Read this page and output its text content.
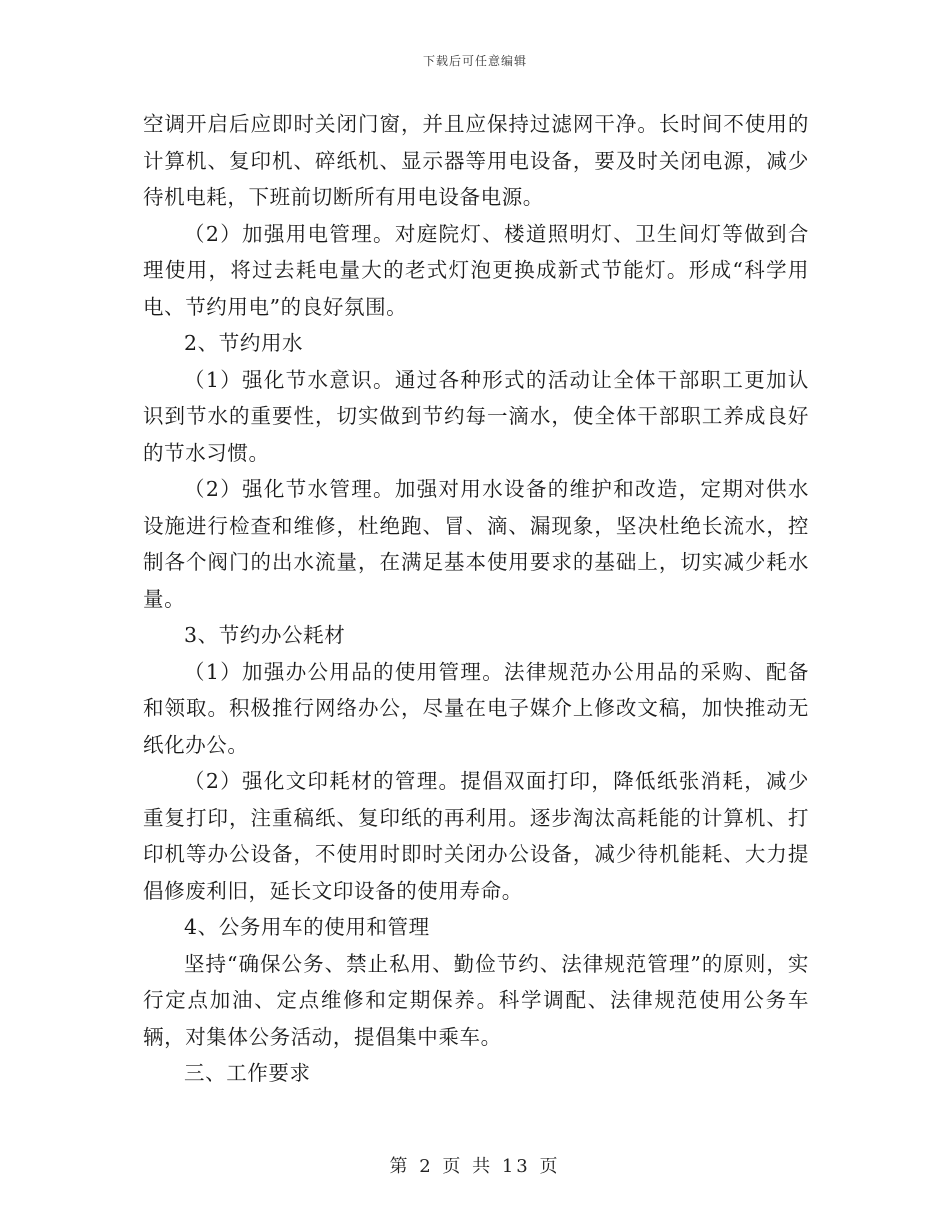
下载后可任意编辑

空调开启后应即时关闭门窗，并且应保持过滤网干净。长时间不使用的计算机、复印机、碎纸机、显示器等用电设备，要及时关闭电源，减少待机电耗，下班前切断所有用电设备电源。

（2）加强用电管理。对庭院灯、楼道照明灯、卫生间灯等做到合理使用，将过去耗电量大的老式灯泡更换成新式节能灯。形成“科学用电、节约用电”的良好氛围。

2、节约用水

（1）强化节水意识。通过各种形式的活动让全体干部职工更加认识到节水的重要性，切实做到节约每一滴水，使全体干部职工养成良好的节水习惯。

（2）强化节水管理。加强对用水设备的维护和改造，定期对供水设施进行检查和维修，杜绝跑、冒、滴、漏现象，坚决杜绝长流水，控制各个阀门的出水流量，在满足基本使用要求的基础上，切实减少耗水量。

3、节约办公耗材

（1）加强办公用品的使用管理。法律规范办公用品的采购、配备和领取。积极推行网络办公，尽量在电子媒介上修改文稿，加快推动无纸化办公。

（2）强化文印耗材的管理。提倡双面打印，降低纸张消耗，减少重复打印，注重稿纸、复印纸的再利用。逐步淘汰高耗能的计算机、打印机等办公设备，不使用时即时关闭办公设备，减少待机能耗、大力提倡修废利旧，延长文印设备的使用寿命。

4、公务用车的使用和管理

坚持“确保公务、禁止私用、勤俭节约、法律规范管理”的原则，实行定点加油、定点维修和定期保养。科学调配、法律规范使用公务车辆，对集体公务活动，提倡集中乘车。

三、工作要求

第 2 页 共 13 页
